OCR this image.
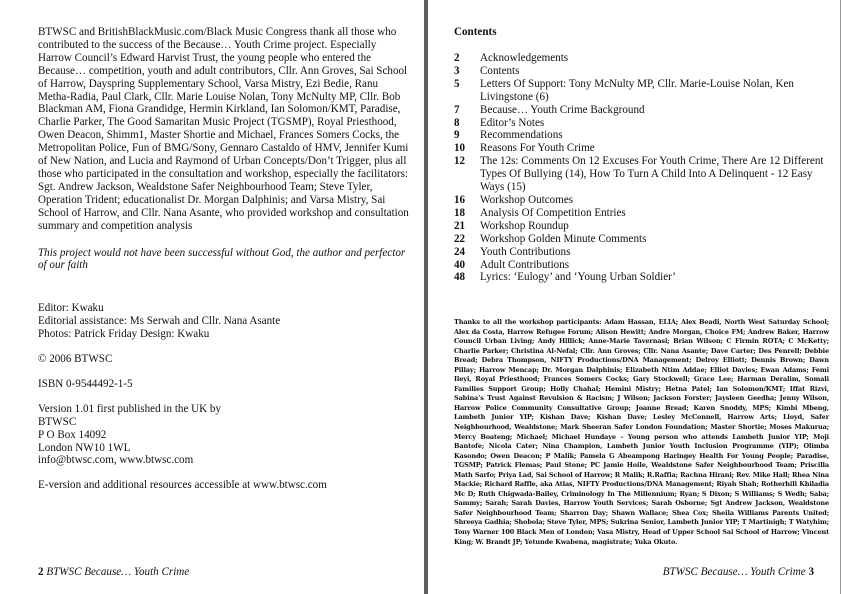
BTWSC and BritishBlackMusic.com/Black Music Congress thank all those who contributed to the success of the Because… Youth Crime project. Especially Harrow Council’s Edward Harvist Trust, the young people who entered the Because… competition, youth and adult contributors, Cllr. Ann Groves, Sai School of Harrow, Dayspring Supplementary School, Varsa Mistry, Ezi Bedie, Ranu Metha-Radia, Paul Clark, Cllr. Marie Louise Nolan, Tony McNulty MP, Cllr. Bob Blackman AM, Fiona Grandidge, Hermin Kirkland, Ian Solomon/KMT, Paradise, Charlie Parker, The Good Samaritan Music Project (TGSMP), Royal Priesthood, Owen Deacon, Shimm1, Master Shortie and Michael, Frances Somers Cocks, the Metropolitan Police, Fun of BMG/Sony, Gennaro Castaldo of HMV, Jennifer Kumi of New Nation, and Lucia and Raymond of Urban Concepts/Don’t Trigger, plus all those who participated in the consultation and workshop, especially the facilitators: Sgt. Andrew Jackson, Wealdstone Safer Neighbourhood Team; Steve Tyler, Operation Trident; educationalist Dr. Morgan Dalphinis; and Varsa Mistry, Sai School of Harrow, and Cllr. Nana Asante, who provided workshop and consultation summary and competition analysis

This project would not have been successful without God, the author and perfector of our faith

Editor: Kwaku
Editorial assistance: Ms Serwah and Cllr. Nana Asante
Photos: Patrick Friday Design: Kwaku
© 2006 BTWSC
ISBN 0-9544492-1-5
Version 1.01 first published in the UK by
BTWSC
P O Box 14092
London NW10 1WL
info@btwsc.com, www.btwsc.com
E-version and additional resources accessible at www.btwsc.com
2 BTWSC Because… Youth Crime
Contents
2	Acknowledgements
3	Contents
5	Letters Of Support: Tony McNulty MP, Cllr. Marie-Louise Nolan, Ken Livingstone (6)
7	Because… Youth Crime Background
8	Editor’s Notes
9	Recommendations
10	Reasons For Youth Crime
12	The 12s: Comments On 12 Excuses For Youth Crime, There Are 12 Different Types Of Bullying (14), How To Turn A Child Into A Delinquent - 12 Easy Ways (15)
16	Workshop Outcomes
18	Analysis Of Competition Entries
21	Workshop Roundup
22	Workshop Golden Minute Comments
24	Youth Contributions
40	Adult Contributions
48	Lyrics: ‘Eulogy’ and ‘Young Urban Soldier’
Thanks to all the workshop participants: Adam Hassan, ELIA; Alex Beadi, North West Saturday School; Alex da Costa, Harrow Refugee Forum; Alison Hewitt; Andre Morgan, Choice FM; Andrew Baker, Harrow Council Urban Living; Andy Hillick; Anne-Marie Tavernasi; Brian Wilson; C Firmin ROTA; C McKetty; Charlie Parker; Christina Al-Nefal; Cllr. Ann Groves; Cllr. Nana Asante; Dave Carter; Des Penrell; Debbie Bread; Debra Thompson, NIFTY Productions/DNA Management; Delroy Elliott; Dennis Brown; Dawn Pillay; Harrow Mencap; Dr. Morgan Dalphinis; Elizabeth Ntim Addae; Elliot Davies; Ewan Adams; Femi Ileyi, Royal Priesthood; Frances Somers Cocks; Gary Stockwell; Grace Lee; Harman Deralim, Somali Families Support Group; Holly Chahal; Hemini Mistry; Hetna Patel; Ian Solomon/KMT; Iffat Rizvi, Sabina’s Trust Against Revulsion & Racism; J Wilson; Jackson Forster; Jaysleen Geedha; Jenny Wilson, Harrow Police Community Consultative Group; Joanne Bread; Karen Snoddy, MPS; Kimbi Mbeng, Lambeth Junior YIP; Kishan Dave; Kishan Dave; Lesley McConnell, Harrow Arts; Lloyd, Safer Neighbourhood, Wealdstone; Mark Sheeran Safer London Foundation; Master Shortie; Moses Makurua; Mercy Boateng; Michael; Michael Hundaye – Young person who attends Lambeth Junior YIP; Moji Bantofe; Nicola Cater; Nina Champion, Lambeth Junior Youth Inclusion Programme (YIP); Olimba Kasondo; Owen Deacon; P Malik; Pamela G Abeampong Haringey Health For Young People; Paradise, TGSMP; Patrick Flemas; Paul Stone; PC Jamie Hoile, Wealdstone Safer Neighbourhood Team; Priscilla Math Sarfo; Priya Lad, Sai School of Harrow; R Malik; R.Raffia; Rachna Hirani; Rev. Mike Hall; Rhea Nina Mackie; Richard Raffle, aka Atlas, NIFTY Productions/DNA Management; Riyah Shah; Rotherhill Khiladia Mc D; Ruth Chigwada-Bailey, Criminology In The Millennium; Ryan; S Dixon; S Williams; S Wedh; Saba; Sammy; Sarah; Sarah Davies, Harrow Youth Services; Sarah Osborne; Sgt Andrew Jackson, Wealdstone Safer Neighbourhood Team; Sharron Day; Shawn Wallace; Shea Cox; Sheila Williams Parents United; Shreeya Gadhia; Shobola; Steve Tyler, MPS; Sukrina Senior, Lambeth Junior YIP; T Martinigh; T Watyhim; Tony Warner 100 Black Men of London; Vasa Mistry, Head of Upper School Sai School of Harrow; Vincent King; W. Brandt JP; Yetunde Kwabena, magistrate; Yuka Okuto.
BTWSC Because… Youth Crime 3
